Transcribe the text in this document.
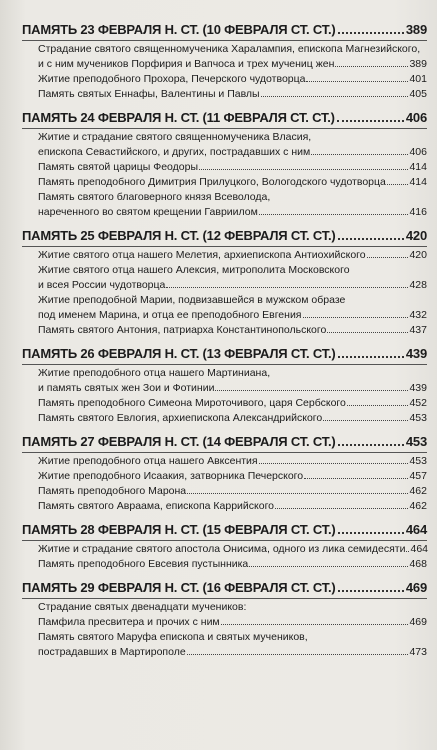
ПАМЯТЬ 23 ФЕВРАЛЯ Н. СТ. (10 ФЕВРАЛЯ СТ. СТ.)	389
Страдание святого священномученика Харалампия, епископа Магнезийского,
и с ним мучеников Порфирия и Вапчоса и трех мучениц жен	389
Житие преподобного Прохора, Печерского чудотворца	401
Память святых Еннафы, Валентины и Павлы	405
ПАМЯТЬ 24 ФЕВРАЛЯ Н. СТ. (11 ФЕВРАЛЯ СТ. СТ.)	406
Житие и страдание святого священномученика Власия,
епископа Севастийского, и других, пострадавших с ним	406
Память святой царицы Феодоры	414
Память преподобного Димитрия Прилуцкого, Вологодского чудотворца 414
Память святого благоверного князя Всеволода,
нареченного во святом крещении Гавриилом	416
ПАМЯТЬ 25 ФЕВРАЛЯ Н. СТ. (12 ФЕВРАЛЯ СТ. СТ.)	420
Житие святого отца нашего Мелетия, архиепископа Антиохийского	420
Житие святого отца нашего Алексия, митрополита Московского
и всея России чудотворца	428
Житие преподобной Марии, подвизавшейся в мужском образе
под именем Марина, и отца ее преподобного Евгения	432
Память святого Антония, патриарха Константинопольского	437
ПАМЯТЬ 26 ФЕВРАЛЯ Н. СТ. (13 ФЕВРАЛЯ СТ. СТ.)	439
Житие преподобного отца нашего Мартиниана,
и память святых жен Зои и Фотинии	439
Память преподобного Симеона Мироточивого, царя Сербского	452
Память святого Евлогия, архиепископа Александрийского	453
ПАМЯТЬ 27 ФЕВРАЛЯ Н. СТ. (14 ФЕВРАЛЯ СТ. СТ.)	453
Житие преподобного отца нашего Авксентия	453
Житие преподобного Исаакия, затворника Печерского	457
Память преподобного Марона	462
Память святого Авраама, епископа Каррийского	462
ПАМЯТЬ 28 ФЕВРАЛЯ Н. СТ. (15 ФЕВРАЛЯ СТ. СТ.)	464
Житие и страдание святого апостола Онисима, одного из лика семидесяти 464
Память преподобного Евсевия пустынника	468
ПАМЯТЬ 29 ФЕВРАЛЯ Н. СТ. (16 ФЕВРАЛЯ СТ. СТ.)	469
Страдание святых двенадцати мучеников:
Памфила пресвитера и прочих с ним	469
Память святого Маруфа епископа и святых мучеников,
пострадавших в Мартирополе	473
